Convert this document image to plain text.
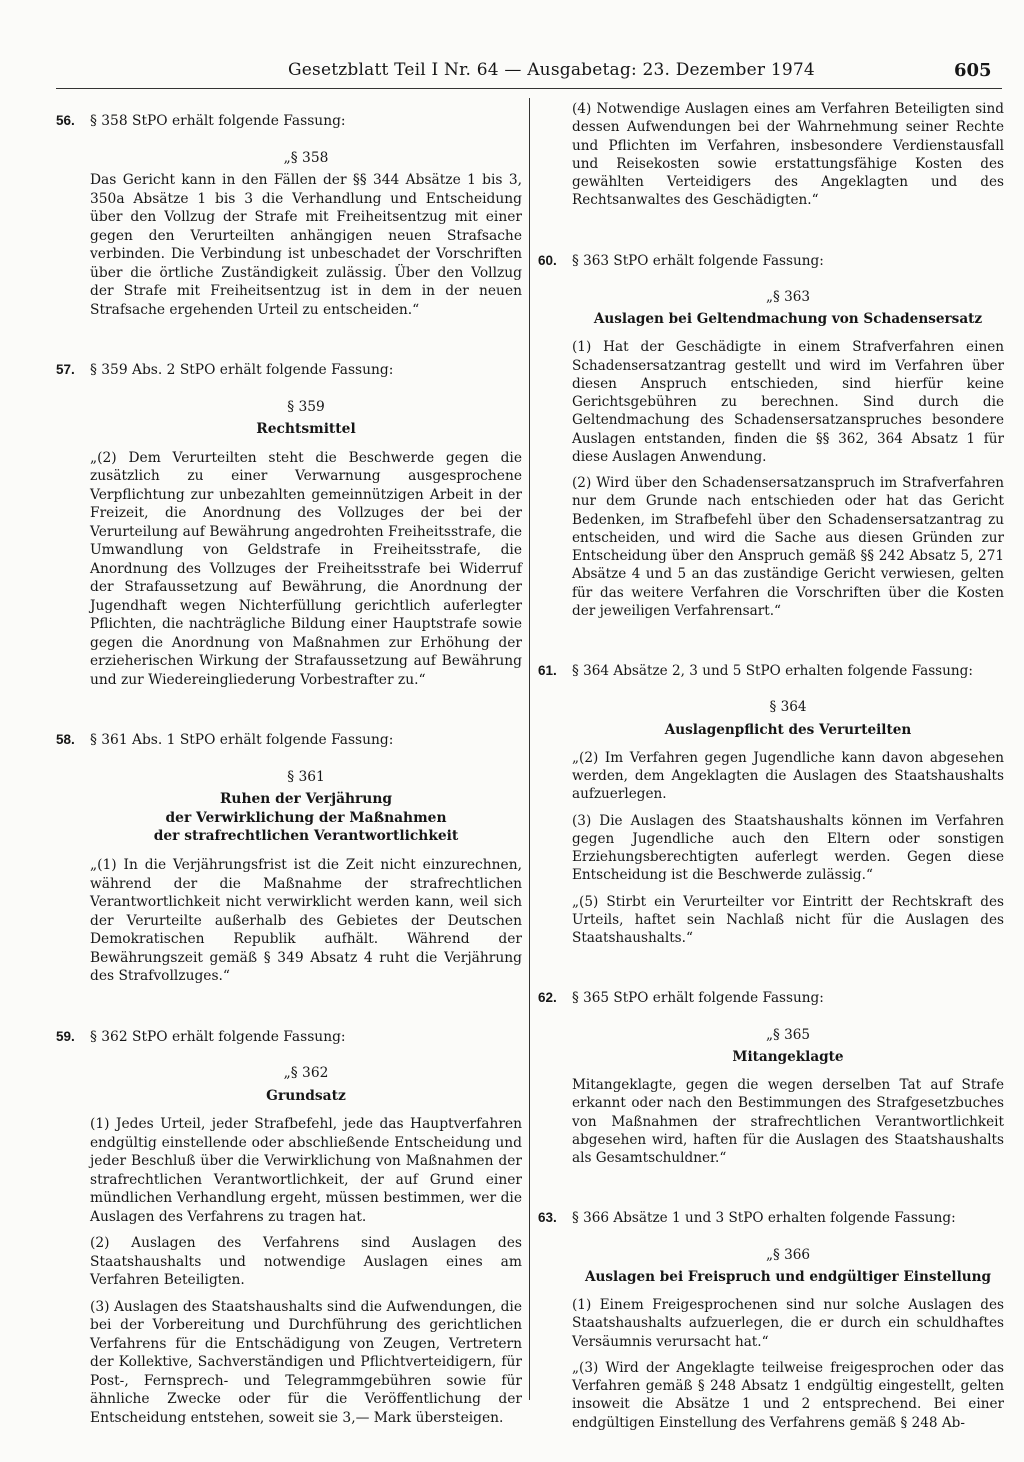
Gesetzblatt Teil I Nr. 64 — Ausgabetag: 23. Dezember 1974	605
56. § 358 StPO erhält folgende Fassung:
„§ 358

Das Gericht kann in den Fällen der §§ 344 Absätze 1 bis 3, 350a Absätze 1 bis 3 die Verhandlung und Entscheidung über den Vollzug der Strafe mit Freiheitsentzug mit einer gegen den Verurteilten anhängigen neuen Strafsache verbinden. Die Verbindung ist unbeschadet der Vorschriften über die örtliche Zuständigkeit zulässig. Über den Vollzug der Strafe mit Freiheitsentzug ist in dem in der neuen Strafsache ergehenden Urteil zu entscheiden.“

57. § 359 Abs. 2 StPO erhält folgende Fassung:
§ 359
Rechtsmittel

„(2) Dem Verurteilten steht die Beschwerde gegen die zusätzlich zu einer Verwarnung ausgesprochene Verpflichtung zur unbezahlten gemeinnützigen Arbeit in der Freizeit, die Anordnung des Vollzuges der bei der Verurteilung auf Bewährung angedrohten Freiheitsstrafe, die Umwandlung von Geldstrafe in Freiheitsstrafe, die Anordnung des Vollzuges der Freiheitsstrafe bei Widerruf der Strafaussetzung auf Bewährung, die Anordnung der Jugendhaft wegen Nichterfüllung gerichtlich auferlegter Pflichten, die nachträgliche Bildung einer Hauptstrafe sowie gegen die Anordnung von Maßnahmen zur Erhöhung der erzieherischen Wirkung der Strafaussetzung auf Bewährung und zur Wiedereingliederung Vorbestrafter zu.“

58. § 361 Abs. 1 StPO erhält folgende Fassung:
§ 361
Ruhen der Verjährung
der Verwirklichung der Maßnahmen
der strafrechtlichen Verantwortlichkeit

„(1) In die Verjährungsfrist ist die Zeit nicht einzurechnen, während der die Maßnahme der strafrechtlichen Verantwortlichkeit nicht verwirklicht werden kann, weil sich der Verurteilte außerhalb des Gebietes der Deutschen Demokratischen Republik aufhält. Während der Bewährungszeit gemäß § 349 Absatz 4 ruht die Verjährung des Strafvollzuges.“

59. § 362 StPO erhält folgende Fassung:
„§ 362
Grundsatz

(1) Jedes Urteil, jeder Strafbefehl, jede das Hauptverfahren endgültig einstellende oder abschließende Entscheidung und jeder Beschluß über die Verwirklichung von Maßnahmen der strafrechtlichen Verantwortlichkeit, der auf Grund einer mündlichen Verhandlung ergeht, müssen bestimmen, wer die Auslagen des Verfahrens zu tragen hat.

(2) Auslagen des Verfahrens sind Auslagen des Staatshaushalts und notwendige Auslagen eines am Verfahren Beteiligten.

(3) Auslagen des Staatshaushalts sind die Aufwendungen, die bei der Vorbereitung und Durchführung des gerichtlichen Verfahrens für die Entschädigung von Zeugen, Vertretern der Kollektive, Sachverständigen und Pflichtverteidigern, für Post-, Fernsprech- und Telegrammgebühren sowie für ähnliche Zwecke oder für die Veröffentlichung der Entscheidung entstehen, soweit sie 3,— Mark übersteigen.

(4) Notwendige Auslagen eines am Verfahren Beteiligten sind dessen Aufwendungen bei der Wahrnehmung seiner Rechte und Pflichten im Verfahren, insbesondere Verdienstausfall und Reisekosten sowie erstattungsfähige Kosten des gewählten Verteidigers des Angeklagten und des Rechtsanwaltes des Geschädigten.“

60. § 363 StPO erhält folgende Fassung:
„§ 363
Auslagen bei Geltendmachung von Schadensersatz

(1) Hat der Geschädigte in einem Strafverfahren einen Schadensersatzantrag gestellt und wird im Verfahren über diesen Anspruch entschieden, sind hierfür keine Gerichtsgebühren zu berechnen. Sind durch die Geltendmachung des Schadensersatzanspruches besondere Auslagen entstanden, finden die §§ 362, 364 Absatz 1 für diese Auslagen Anwendung.

(2) Wird über den Schadensersatzanspruch im Strafverfahren nur dem Grunde nach entschieden oder hat das Gericht Bedenken, im Strafbefehl über den Schadensersatzantrag zu entscheiden, und wird die Sache aus diesen Gründen zur Entscheidung über den Anspruch gemäß §§ 242 Absatz 5, 271 Absätze 4 und 5 an das zuständige Gericht verwiesen, gelten für das weitere Verfahren die Vorschriften über die Kosten der jeweiligen Verfahrensart.“

61. § 364 Absätze 2, 3 und 5 StPO erhalten folgende Fassung:
§ 364
Auslagenpflicht des Verurteilten

„(2) Im Verfahren gegen Jugendliche kann davon abgesehen werden, dem Angeklagten die Auslagen des Staatshaushalts aufzuerlegen.

(3) Die Auslagen des Staatshaushalts können im Verfahren gegen Jugendliche auch den Eltern oder sonstigen Erziehungsberechtigten auferlegt werden. Gegen diese Entscheidung ist die Beschwerde zulässig.“

„(5) Stirbt ein Verurteilter vor Eintritt der Rechtskraft des Urteils, haftet sein Nachlaß nicht für die Auslagen des Staatshaushalts.“

62. § 365 StPO erhält folgende Fassung:
„§ 365
Mitangeklagte

Mitangeklagte, gegen die wegen derselben Tat auf Strafe erkannt oder nach den Bestimmungen des Strafgesetzbuches von Maßnahmen der strafrechtlichen Verantwortlichkeit abgesehen wird, haften für die Auslagen des Staatshaushalts als Gesamtschuldner.“

63. § 366 Absätze 1 und 3 StPO erhalten folgende Fassung:
„§ 366
Auslagen bei Freispruch und endgültiger Einstellung

(1) Einem Freigesprochenen sind nur solche Auslagen des Staatshaushalts aufzuerlegen, die er durch ein schuldhaftes Versäumnis verursacht hat.“

„(3) Wird der Angeklagte teilweise freigesprochen oder das Verfahren gemäß § 248 Absatz 1 endgültig eingestellt, gelten insoweit die Absätze 1 und 2 entsprechend. Bei einer endgültigen Einstellung des Verfahrens gemäß § 248 Ab-
